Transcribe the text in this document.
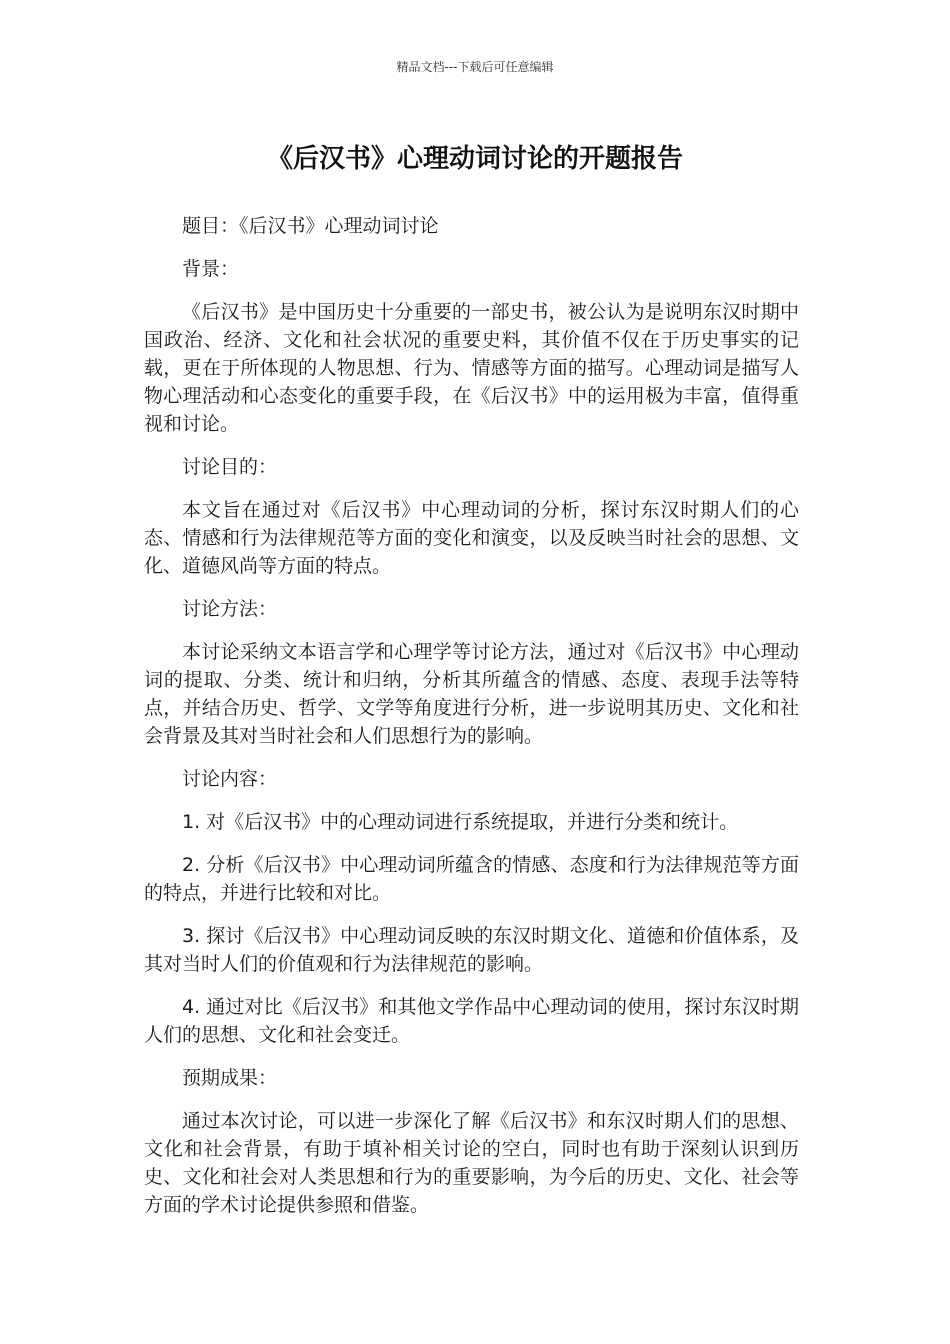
精品文档---下载后可任意编辑
《后汉书》心理动词讨论的开题报告

题目：《后汉书》心理动词讨论

背景：

《后汉书》是中国历史十分重要的一部史书，被公认为是说明东汉时期中国政治、经济、文化和社会状况的重要史料，其价值不仅在于历史事实的记载，更在于所体现的人物思想、行为、情感等方面的描写。心理动词是描写人物心理活动和心态变化的重要手段，在《后汉书》中的运用极为丰富，值得重视和讨论。

讨论目的：

本文旨在通过对《后汉书》中心理动词的分析，探讨东汉时期人们的心态、情感和行为法律规范等方面的变化和演变，以及反映当时社会的思想、文化、道德风尚等方面的特点。

讨论方法：

本讨论采纳文本语言学和心理学等讨论方法，通过对《后汉书》中心理动词的提取、分类、统计和归纳，分析其所蕴含的情感、态度、表现手法等特点，并结合历史、哲学、文学等角度进行分析，进一步说明其历史、文化和社会背景及其对当时社会和人们思想行为的影响。

讨论内容：

1. 对《后汉书》中的心理动词进行系统提取，并进行分类和统计。

2. 分析《后汉书》中心理动词所蕴含的情感、态度和行为法律规范等方面的特点，并进行比较和对比。

3. 探讨《后汉书》中心理动词反映的东汉时期文化、道德和价值体系，及其对当时人们的价值观和行为法律规范的影响。

4. 通过对比《后汉书》和其他文学作品中心理动词的使用，探讨东汉时期人们的思想、文化和社会变迁。

预期成果：

通过本次讨论，可以进一步深化了解《后汉书》和东汉时期人们的思想、文化和社会背景，有助于填补相关讨论的空白，同时也有助于深刻认识到历史、文化和社会对人类思想和行为的重要影响，为今后的历史、文化、社会等方面的学术讨论提供参照和借鉴。
